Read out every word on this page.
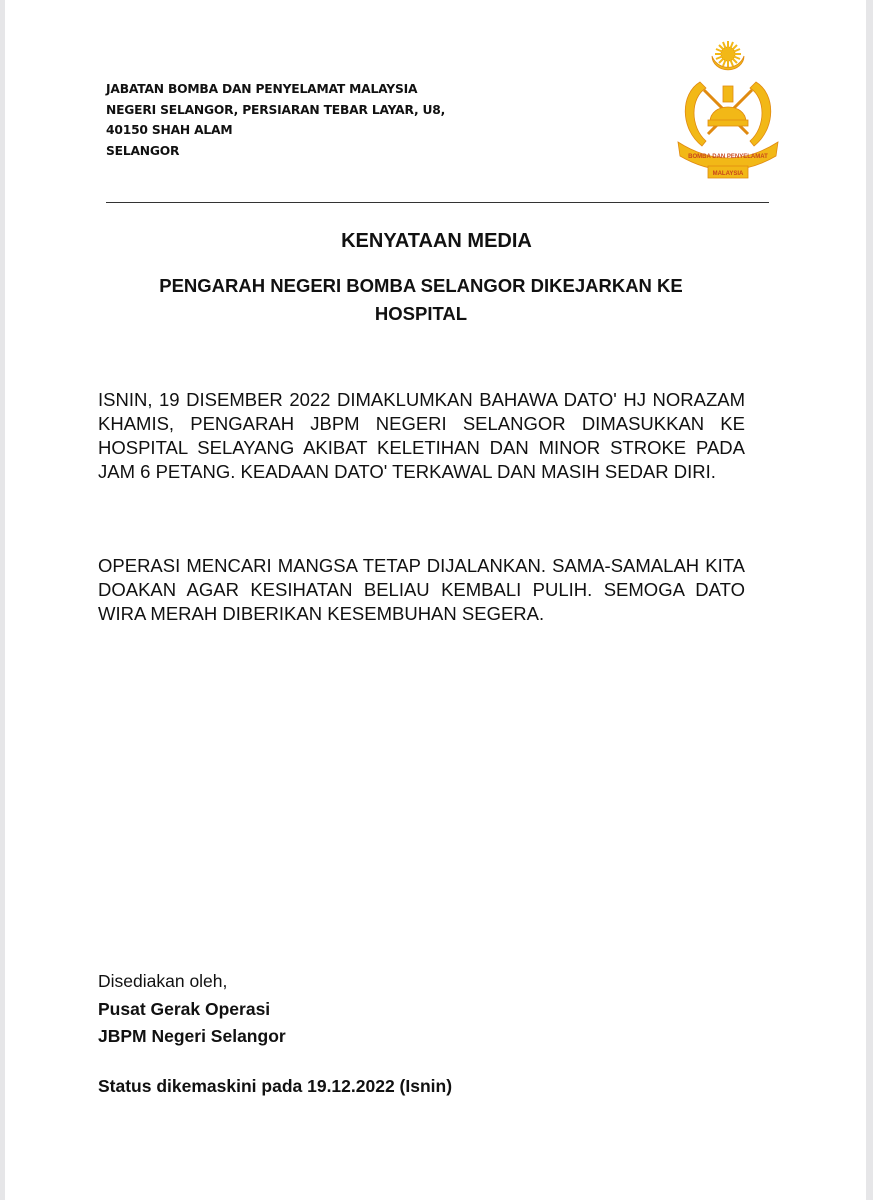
JABATAN BOMBA DAN PENYELAMAT MALAYSIA
NEGERI SELANGOR, PERSIARAN TEBAR LAYAR, U8,
40150 SHAH ALAM
SELANGOR	BOMBA DAN PENYELAMAT
MALAYSIA
KENYATAAN MEDIA
PENGARAH NEGERI BOMBA SELANGOR DIKEJARKAN KE HOSPITAL
ISNIN, 19 DISEMBER 2022 DIMAKLUMKAN BAHAWA DATO' HJ NORAZAM KHAMIS, PENGARAH JBPM NEGERI SELANGOR DIMASUKKAN KE HOSPITAL SELAYANG AKIBAT KELETIHAN DAN MINOR STROKE PADA JAM 6 PETANG. KEADAAN DATO' TERKAWAL DAN MASIH SEDAR DIRI.
OPERASI MENCARI MANGSA TETAP DIJALANKAN. SAMA-SAMALAH KITA DOAKAN AGAR KESIHATAN BELIAU KEMBALI PULIH. SEMOGA DATO WIRA MERAH DIBERIKAN KESEMBUHAN SEGERA.
Disediakan oleh,
Pusat Gerak Operasi
JBPM Negeri Selangor
Status dikemaskini pada 19.12.2022 (Isnin)
